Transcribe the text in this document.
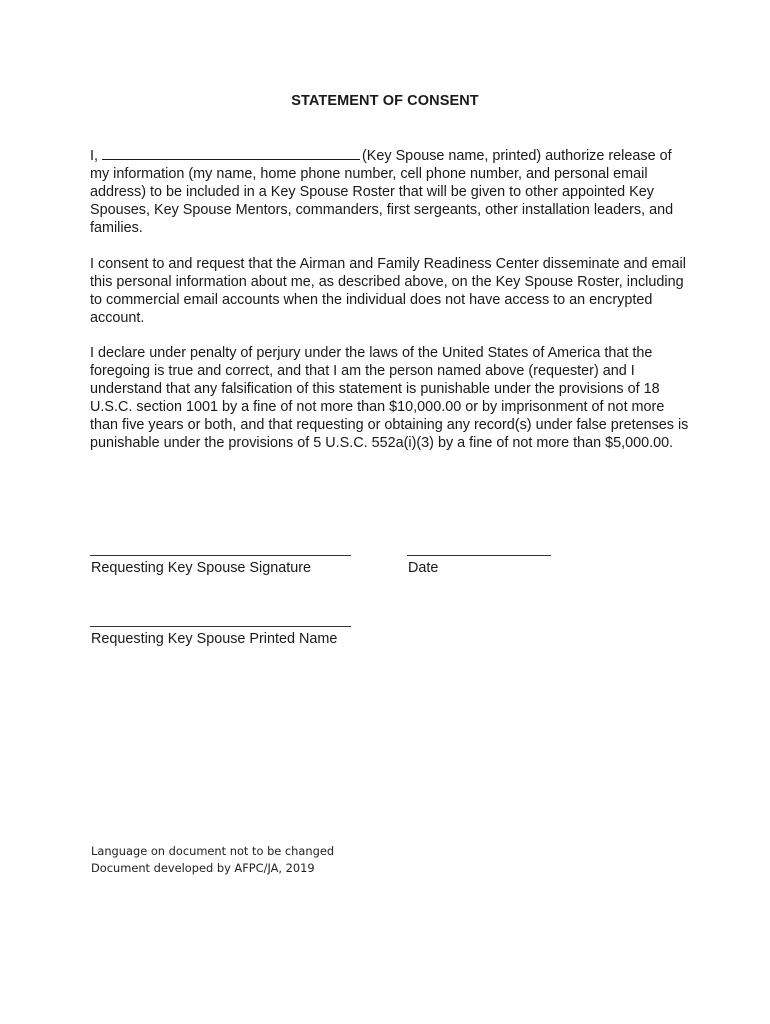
STATEMENT OF CONSENT

I,	(Key Spouse name, printed) authorize release of my information (my name, home phone number, cell phone number, and personal email address) to be included in a Key Spouse Roster that will be given to other appointed Key Spouses, Key Spouse Mentors, commanders, first sergeants, other installation leaders, and families.

I consent to and request that the Airman and Family Readiness Center disseminate and email this personal information about me, as described above, on the Key Spouse Roster, including to commercial email accounts when the individual does not have access to an encrypted account.

I declare under penalty of perjury under the laws of the United States of America that the foregoing is true and correct, and that I am the person named above (requester) and I understand that any falsification of this statement is punishable under the provisions of 18 U.S.C. section 1001 by a fine of not more than $10,000.00 or by imprisonment of not more than five years or both, and that requesting or obtaining any record(s) under false pretenses is punishable under the provisions of 5 U.S.C. 552a(i)(3) by a fine of not more than $5,000.00.

Requesting Key Spouse Signature	Date
Requesting Key Spouse Printed Name
Language on document not to be changed
Document developed by AFPC/JA, 2019
